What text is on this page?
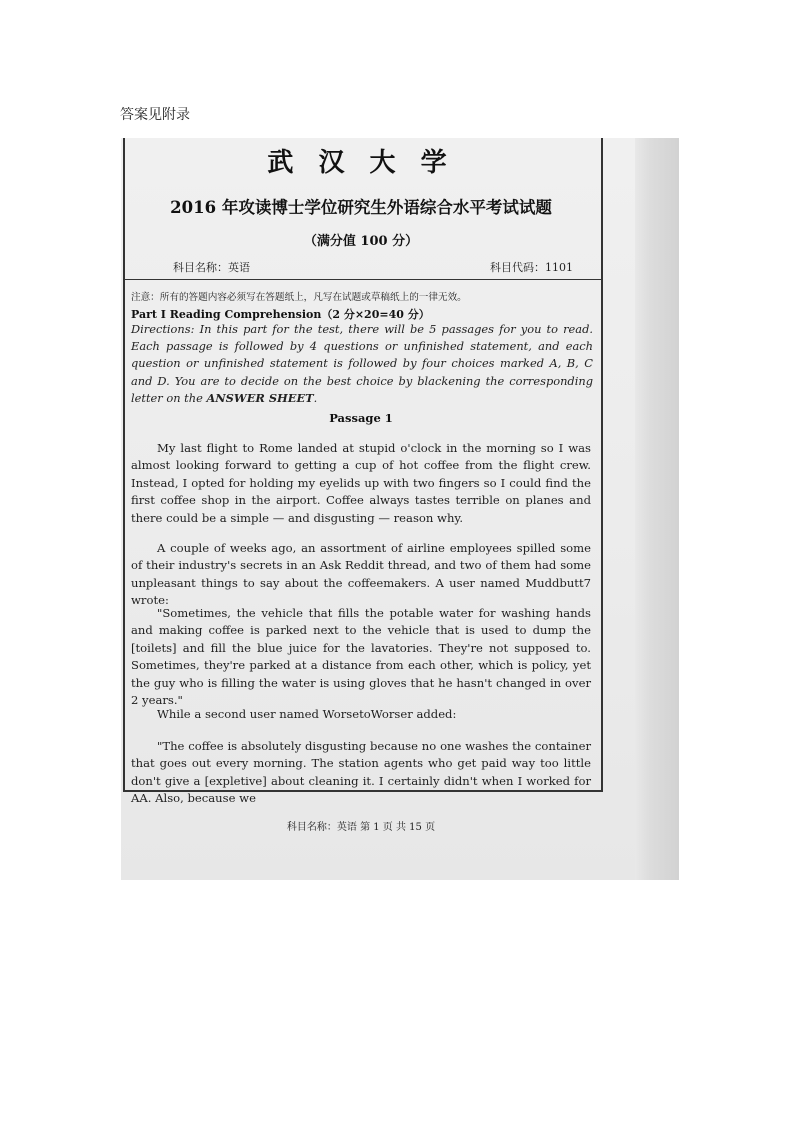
答案见附录
武 汉 大 学
2016 年攻读博士学位研究生外语综合水平考试试题
（满分值 100 分）
科目名称：英语	科目代码：1101
注意：所有的答题内容必须写在答题纸上，凡写在试题或草稿纸上的一律无效。
Part Ⅰ Reading Comprehension（2 分×20=40 分）
Directions: In this part for the test, there will be 5 passages for you to read. Each passage is followed by 4 questions or unfinished statement, and each question or unfinished statement is followed by four choices marked A, B, C and D. You are to decide on the best choice by blackening the corresponding letter on the ANSWER SHEET.
Passage 1
My last flight to Rome landed at stupid o'clock in the morning so I was almost looking forward to getting a cup of hot coffee from the flight crew. Instead, I opted for holding my eyelids up with two fingers so I could find the first coffee shop in the airport. Coffee always tastes terrible on planes and there could be a simple — and disgusting — reason why.
A couple of weeks ago, an assortment of airline employees spilled some of their industry's secrets in an Ask Reddit thread, and two of them had some unpleasant things to say about the coffeemakers. A user named Muddbutt7 wrote:
"Sometimes, the vehicle that fills the potable water for washing hands and making coffee is parked next to the vehicle that is used to dump the [toilets] and fill the blue juice for the lavatories. They're not supposed to. Sometimes, they're parked at a distance from each other, which is policy, yet the guy who is filling the water is using gloves that he hasn't changed in over 2 years."
While a second user named WorsetoWorser added:
"The coffee is absolutely disgusting because no one washes the container that goes out every morning. The station agents who get paid way too little don't give a [expletive] about cleaning it. I certainly didn't when I worked for AA. Also, because we
科目名称：英语 第 1 页 共 15 页
